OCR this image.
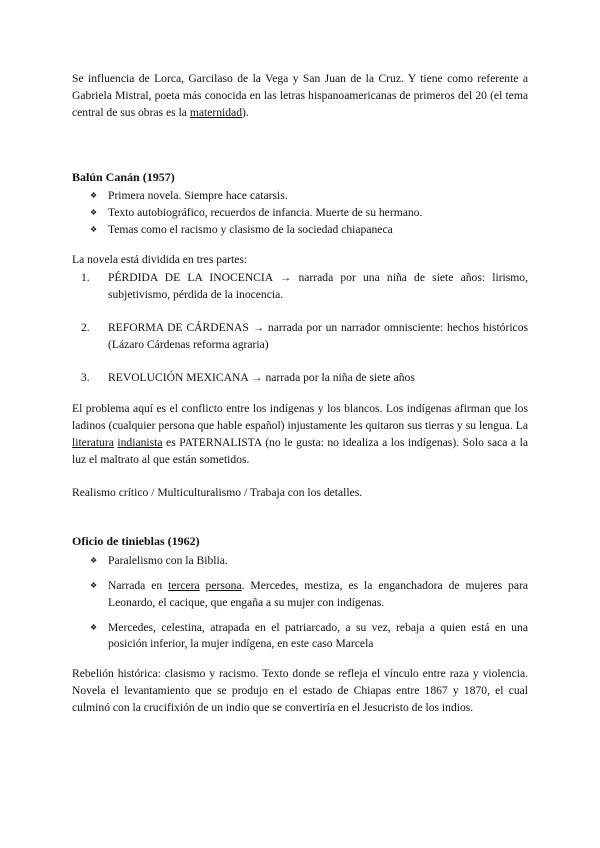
Se influencia de Lorca, Garcilaso de la Vega y San Juan de la Cruz. Y tiene como referente a Gabriela Mistral, poeta más conocida en las letras hispanoamericanas de primeros del 20 (el tema central de sus obras es la maternidad).

Balún Canán (1957)
❖ Primera novela. Siempre hace catarsis.
❖ Texto autobiográfico, recuerdos de infancia. Muerte de su hermano.
❖ Temas como el racismo y clasismo de la sociedad chiapaneca

La novela está dividida en tres partes:

1. PÉRDIDA DE LA INOCENCIA → narrada por una niña de siete años: lirismo, subjetivismo, pérdida de la inocencia.
2. REFORMA DE CÁRDENAS → narrada por un narrador omnisciente: hechos históricos (Lázaro Cárdenas reforma agraria)
3. REVOLUCIÓN MEXICANA → narrada por la niña de siete años

El problema aquí es el conflicto entre los indígenas y los blancos. Los indígenas afirman que los ladinos (cualquier persona que hable español) injustamente les quitaron sus tierras y su lengua. La literatura indianista es PATERNALISTA (no le gusta: no idealiza a los indígenas). Solo saca a la luz el maltrato al que están sometidos.

Realismo crítico / Multiculturalismo / Trabaja con los detalles.

Oficio de tinieblas (1962)
❖ Paralelismo con la Biblia.
❖ Narrada en tercera persona. Mercedes, mestiza, es la enganchadora de mujeres para Leonardo, el cacique, que engaña a su mujer con indígenas.
❖ Mercedes, celestina, atrapada en el patriarcado, a su vez, rebaja a quien está en una posición inferior, la mujer indígena, en este caso Marcela

Rebelión histórica: clasismo y racismo. Texto donde se refleja el vínculo entre raza y violencia. Novela el levantamiento que se produjo en el estado de Chiapas entre 1867 y 1870, el cual culminó con la crucifixión de un indio que se convertiría en el Jesucristo de los indios.
